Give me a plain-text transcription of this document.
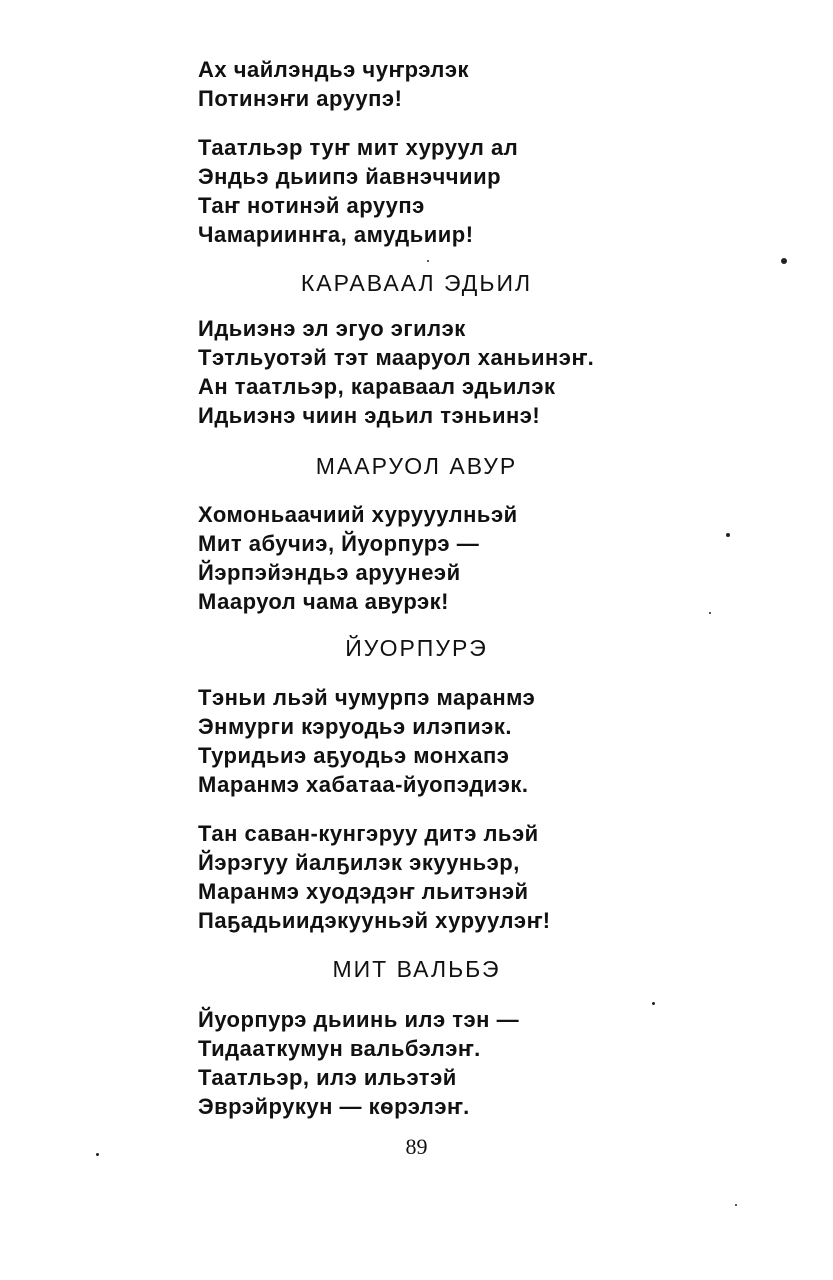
Ах чайлэндьэ чуҥрэлэк
Потинэҥи аруупэ!
Таатльэр туҥ мит хуруул ал
Эндьэ дьиипэ йавнэччиир
Таҥ нотинэй аруупэ
Чамариинҥа, амудьиир!
КАРАВААЛ ЭДЬИЛ
Идьиэнэ эл эгуо эгилэк
Тэтльуотэй тэт мааруол ханьинэҥ.
Ан таатльэр, караваал эдьилэк
Идьиэнэ чиин эдьил тэньинэ!
МААРУОЛ АВУР
Хомоньаачиий хурууулньэй
Мит абучиэ, Йуорпурэ —
Йэрпэйэндьэ аруунеэй
Мааруол чама авурэк!
ЙУОРПУРЭ
Тэньи льэй чумурпэ маранмэ
Энмурги кэруодьэ илэпиэк.
Туридьиэ аҕуодьэ монхапэ
Маранмэ хабатаа-йуопэдиэк.
Тан саван-кунгэруу дитэ льэй
Йэрэгуу йалҕилэк экууньэр,
Маранмэ хуодэдэҥ льитэнэй
Паҕадьиидэкууньэй хуруулэҥ!
МИТ ВАЛЬБЭ
Йуорпурэ дьиинь илэ тэн —
Тидааткумун вальбэлэҥ.
Таатльэр, илэ ильэтэй
Эврэйрукун — кѳрэлэҥ.
89
